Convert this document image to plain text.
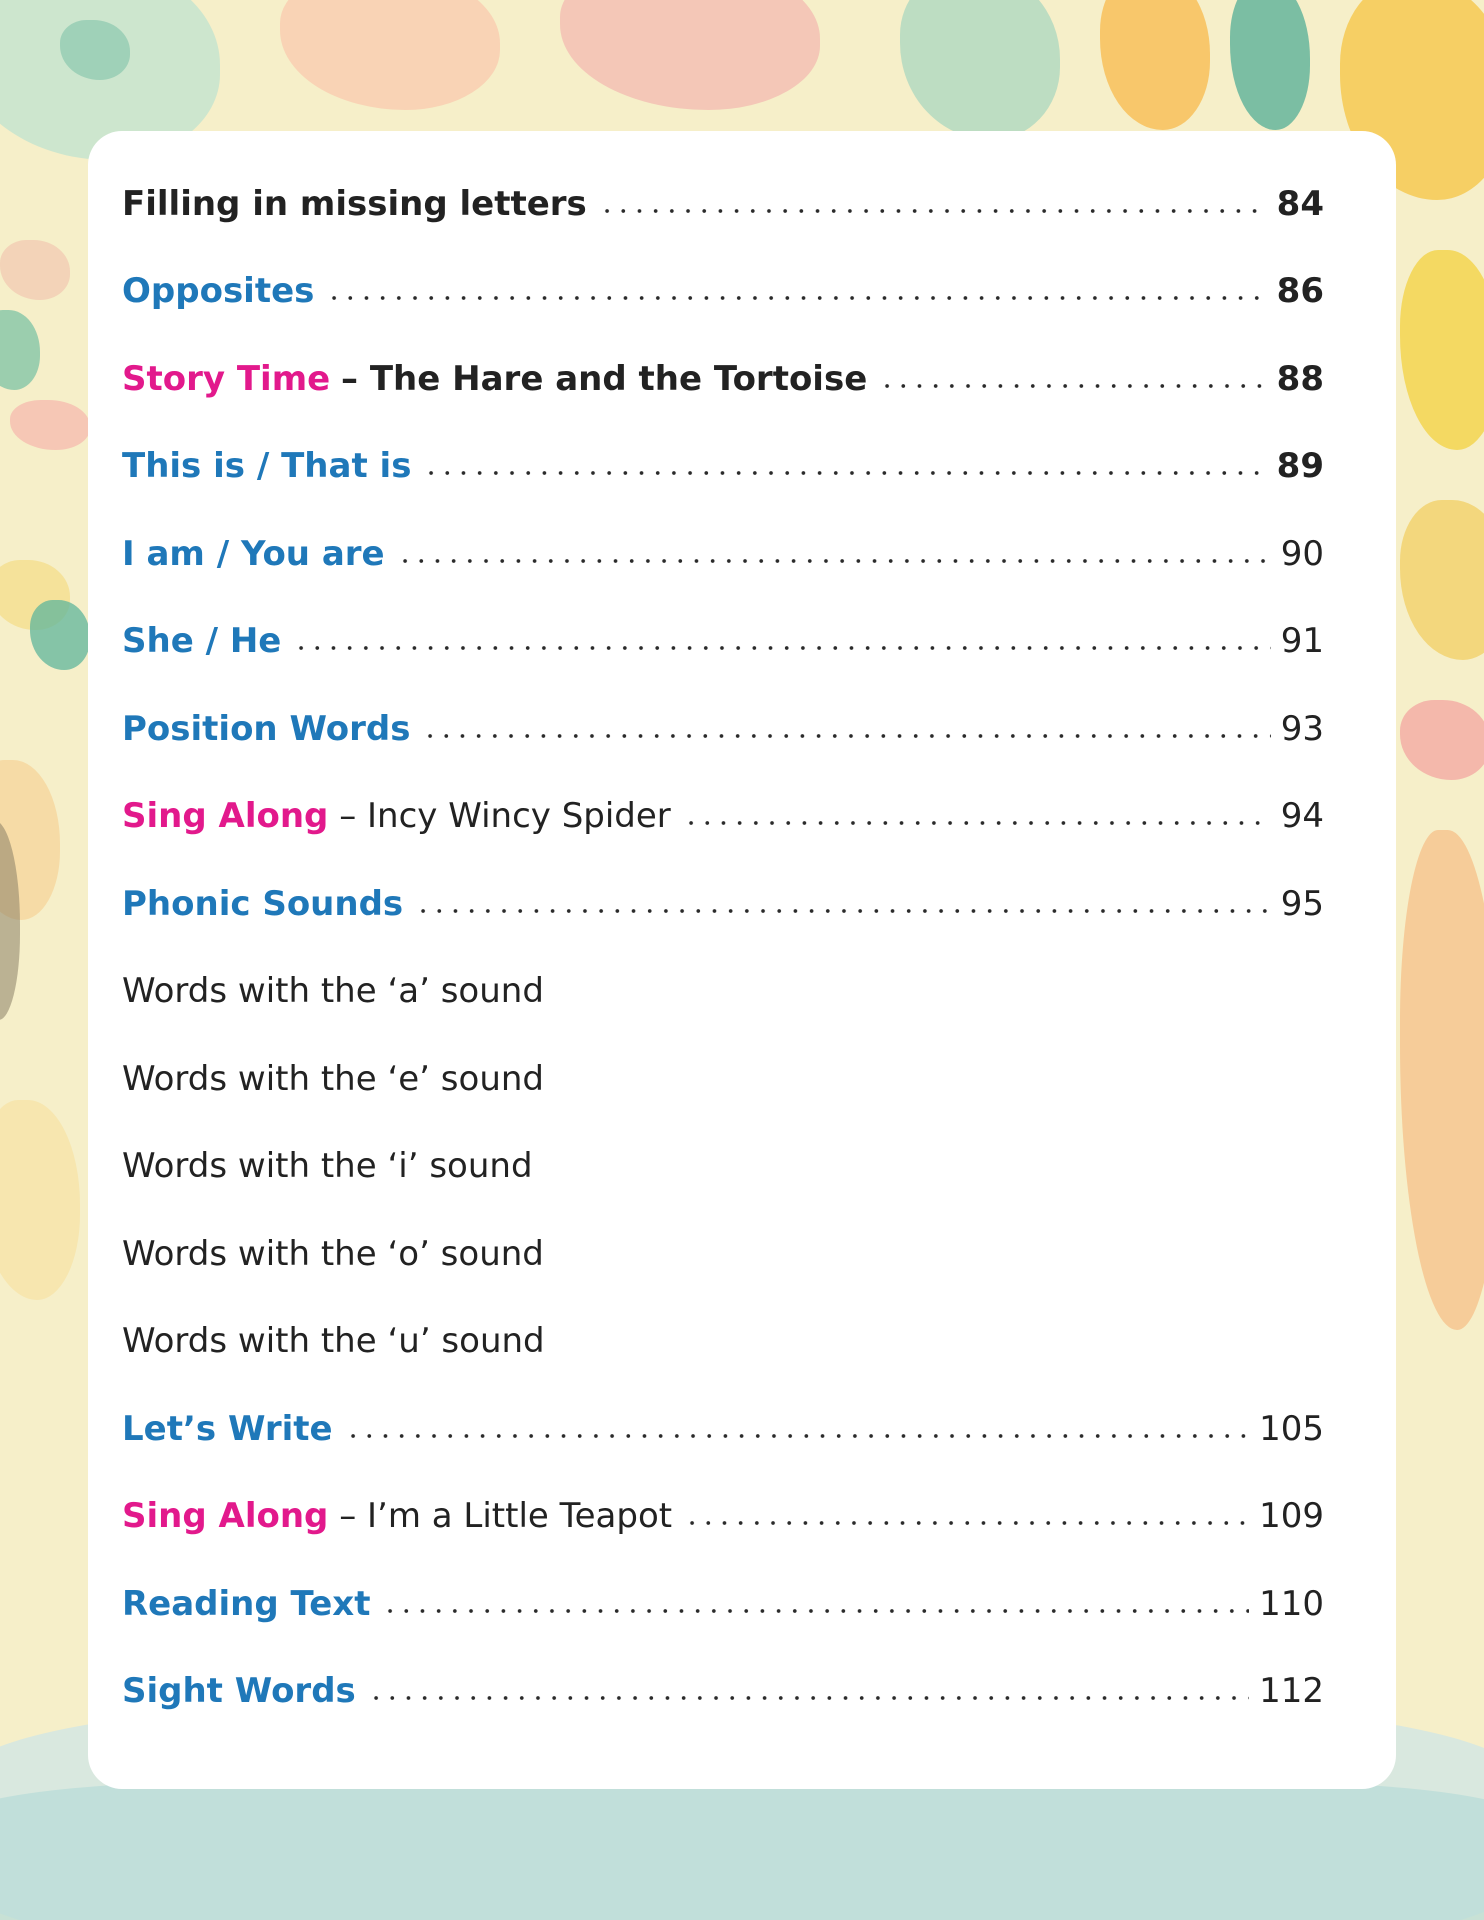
Filling in missing letters	84
Opposites	86
Story Time – The Hare and the Tortoise	88
This is / That is	89
I am / You are	90
She / He	91
Position Words	93
Sing Along – Incy Wincy Spider	94
Phonic Sounds	95
Words with the ‘a’ sound
Words with the ‘e’ sound
Words with the ‘i’ sound
Words with the ‘o’ sound
Words with the ‘u’ sound
Let’s Write	105
Sing Along – I’m a Little Teapot	109
Reading Text	110
Sight Words	112
